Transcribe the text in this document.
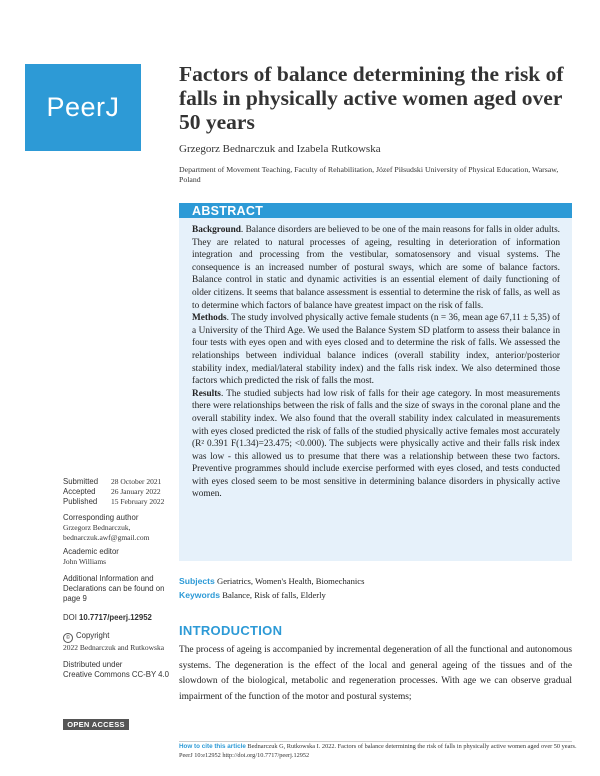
PeerJ
Factors of balance determining the risk of falls in physically active women aged over 50 years
Grzegorz Bednarczuk and Izabela Rutkowska
Department of Movement Teaching, Faculty of Rehabilitation, Józef Piłsudski University of Physical Education, Warsaw, Poland
ABSTRACT

Background. Balance disorders are believed to be one of the main reasons for falls in older adults. They are related to natural processes of ageing, resulting in deterioration of information integration and processing from the vestibular, somatosensory and visual systems. The consequence is an increased number of postural sways, which are some of balance factors. Balance control in static and dynamic activities is an essential element of daily functioning of older citizens. It seems that balance assessment is essential to determine the risk of falls, as well as to determine which factors of balance have greatest impact on the risk of falls.

Methods. The study involved physically active female students (n = 36, mean age 67,11 ± 5,35) of a University of the Third Age. We used the Balance System SD platform to assess their balance in four tests with eyes open and with eyes closed and to determine the risk of falls. We assessed the relationships between individual balance indices (overall stability index, anterior/posterior stability index, medial/lateral stability index) and the falls risk index. We also determined those factors which predicted the risk of falls the most.

Results. The studied subjects had low risk of falls for their age category. In most measurements there were relationships between the risk of falls and the size of sways in the coronal plane and the overall stability index. We also found that the overall stability index calculated in measurements with eyes closed predicted the risk of falls of the studied physically active females most accurately (R² 0.391 F(1.34)=23.475; <0.000). The subjects were physically active and their falls risk index was low - this allowed us to presume that there was a relationship between these two factors. Preventive programmes should include exercise performed with eyes closed, and tests conducted with eyes closed seem to be most sensitive in determining balance disorders in physically active women.

Subjects Geriatrics, Women's Health, Biomechanics
Keywords Balance, Risk of falls, Elderly
INTRODUCTION

The process of ageing is accompanied by incremental degeneration of all the functional and autonomous systems. The degeneration is the effect of the local and general ageing of the tissues and of the slowdown of the biological, metabolic and regeneration processes. With age we can observe gradual impairment of the function of the motor and postural systems;

Submitted 28 October 2021
Accepted 26 January 2022
Published 15 February 2022
Corresponding author
Grzegorz Bednarczuk,
bednarczuk.awf@gmail.com
Academic editor
John Williams
Additional Information and Declarations can be found on page 9
DOI 10.7717/peerj.12952
© Copyright
2022 Bednarczuk and Rutkowska
Distributed under
Creative Commons CC-BY 4.0
OPEN ACCESS
How to cite this article Bednarczuk G, Rutkowska I. 2022. Factors of balance determining the risk of falls in physically active women aged over 50 years. PeerJ 10:e12952 http://doi.org/10.7717/peerj.12952
